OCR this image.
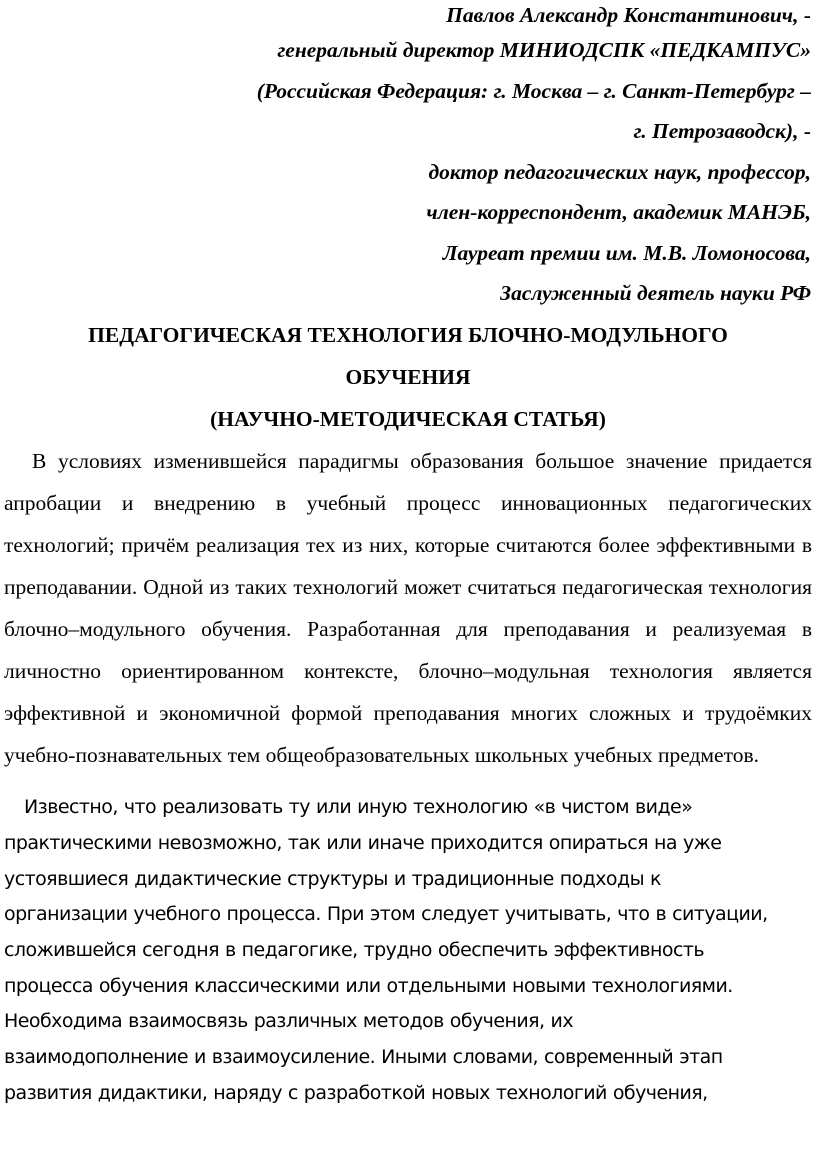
Павлов Александр Константинович, -
генеральный директор МИНИОДСПК «ПЕДКАМПУС»
(Российская Федерация: г. Москва – г. Санкт-Петербург –
г. Петрозаводск), -
доктор педагогических наук, профессор,
член-корреспондент, академик МАНЭБ,
Лауреат премии им. М.В. Ломоносова,
Заслуженный деятель науки РФ
ПЕДАГОГИЧЕСКАЯ ТЕХНОЛОГИЯ БЛОЧНО-МОДУЛЬНОГО
ОБУЧЕНИЯ
(НАУЧНО-МЕТОДИЧЕСКАЯ СТАТЬЯ)

В условиях изменившейся парадигмы образования большое значение придается апробации и внедрению в учебный процесс инновационных педагогических технологий; причём реализация тех из них, которые считаются более эффективными в преподавании. Одной из таких технологий может считаться педагогическая технология блочно–модульного обучения. Разработанная для преподавания и реализуемая в личностно ориентированном контексте, блочно–модульная технология является эффективной и экономичной формой преподавания многих сложных и трудоёмких учебно-познавательных тем общеобразовательных школьных учебных предметов.

Известно, что реализовать ту или иную технологию «в чистом виде»
практическими невозможно, так или иначе приходится опираться на уже
устоявшиеся дидактические структуры и традиционные подходы к
организации учебного процесса. При этом следует учитывать, что в ситуации,
сложившейся сегодня в педагогике, трудно обеспечить эффективность
процесса обучения классическими или отдельными новыми технологиями.
Необходима взаимосвязь различных методов обучения, их
взаимодополнение и взаимоусиление. Иными словами, современный этап
развития дидактики, наряду с разработкой новых технологий обучения,
